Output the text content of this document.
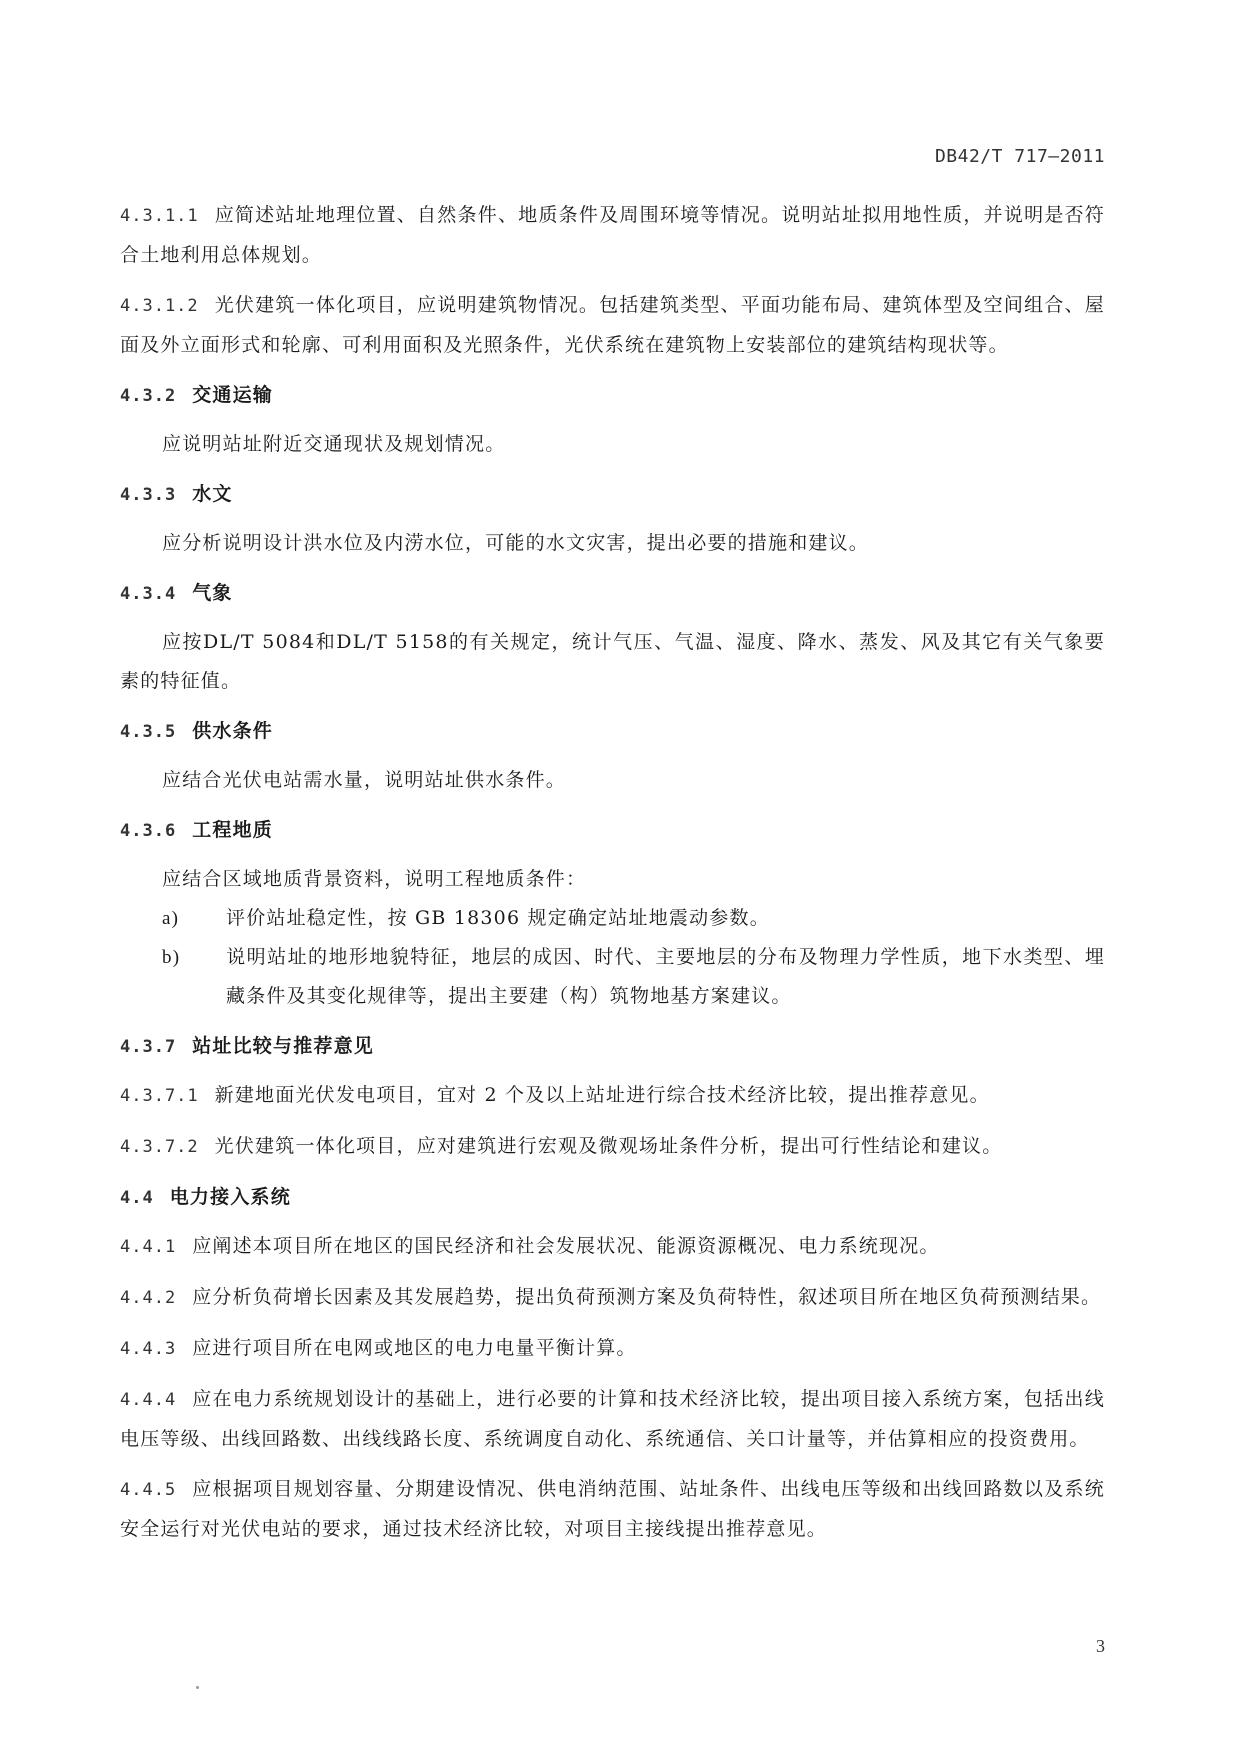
DB42/T 717—2011

4.3.1.1 应简述站址地理位置、自然条件、地质条件及周围环境等情况。说明站址拟用地性质，并说明是否符合土地利用总体规划。

4.3.1.2 光伏建筑一体化项目，应说明建筑物情况。包括建筑类型、平面功能布局、建筑体型及空间组合、屋面及外立面形式和轮廓、可利用面积及光照条件，光伏系统在建筑物上安装部位的建筑结构现状等。

4.3.2 交通运输

应说明站址附近交通现状及规划情况。

4.3.3 水文

应分析说明设计洪水位及内涝水位，可能的水文灾害，提出必要的措施和建议。

4.3.4 气象

应按DL/T 5084和DL/T 5158的有关规定，统计气压、气温、湿度、降水、蒸发、风及其它有关气象要素的特征值。

4.3.5 供水条件

应结合光伏电站需水量，说明站址供水条件。

4.3.6 工程地质

应结合区域地质背景资料，说明工程地质条件：

a) 评价站址稳定性，按 GB 18306 规定确定站址地震动参数。

b) 说明站址的地形地貌特征，地层的成因、时代、主要地层的分布及物理力学性质，地下水类型、埋藏条件及其变化规律等，提出主要建（构）筑物地基方案建议。

4.3.7 站址比较与推荐意见

4.3.7.1 新建地面光伏发电项目，宜对 2 个及以上站址进行综合技术经济比较，提出推荐意见。

4.3.7.2 光伏建筑一体化项目，应对建筑进行宏观及微观场址条件分析，提出可行性结论和建议。

4.4 电力接入系统

4.4.1 应阐述本项目所在地区的国民经济和社会发展状况、能源资源概况、电力系统现况。

4.4.2 应分析负荷增长因素及其发展趋势，提出负荷预测方案及负荷特性，叙述项目所在地区负荷预测结果。

4.4.3 应进行项目所在电网或地区的电力电量平衡计算。

4.4.4 应在电力系统规划设计的基础上，进行必要的计算和技术经济比较，提出项目接入系统方案，包括出线电压等级、出线回路数、出线线路长度、系统调度自动化、系统通信、关口计量等，并估算相应的投资费用。

4.4.5 应根据项目规划容量、分期建设情况、供电消纳范围、站址条件、出线电压等级和出线回路数以及系统安全运行对光伏电站的要求，通过技术经济比较，对项目主接线提出推荐意见。

3
